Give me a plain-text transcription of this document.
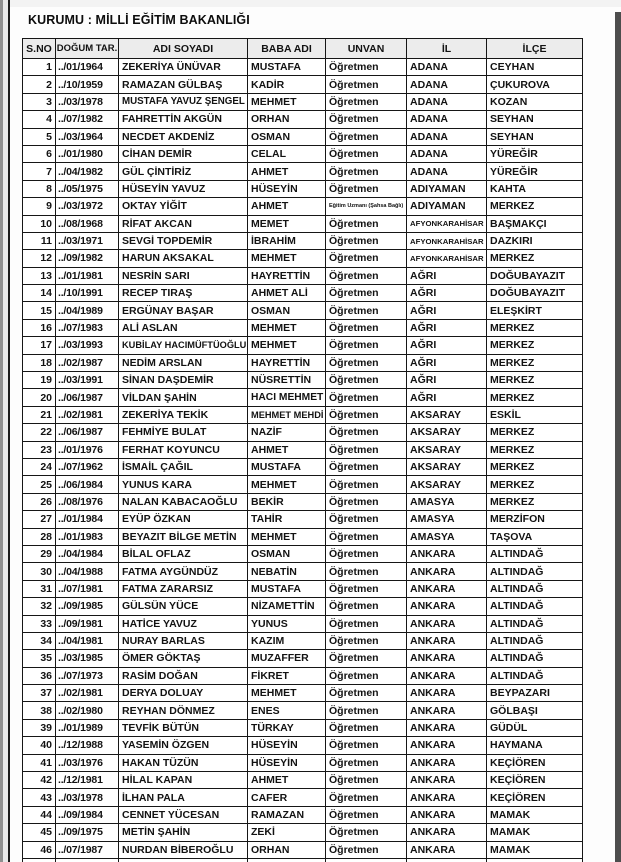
KURUMU : MİLLİ EĞİTİM BAKANLIĞI
S.NO	DOĞUM TAR.	ADI SOYADI	BABA ADI	UNVAN	İL	İLÇE
1	../01/1964	ZEKERİYA ÜNÜVAR	MUSTAFA	Öğretmen	ADANA	CEYHAN
2	../10/1959	RAMAZAN GÜLBAŞ	KADİR	Öğretmen	ADANA	ÇUKUROVA
3	../03/1978	MUSTAFA YAVUZ ŞENGEL	MEHMET	Öğretmen	ADANA	KOZAN
4	../07/1982	FAHRETTİN AKGÜN	ORHAN	Öğretmen	ADANA	SEYHAN
5	../03/1964	NECDET AKDENİZ	OSMAN	Öğretmen	ADANA	SEYHAN
6	../01/1980	CİHAN DEMİR	CELAL	Öğretmen	ADANA	YÜREĞİR
7	../04/1982	GÜL ÇİNTİRİZ	AHMET	Öğretmen	ADANA	YÜREĞİR
8	../05/1975	HÜSEYİN YAVUZ	HÜSEYİN	Öğretmen	ADIYAMAN	KAHTA
9	../03/1972	OKTAY YİĞİT	AHMET	Eğitim Uzmanı (Şahsa Bağlı)	ADIYAMAN	MERKEZ
10	../08/1968	RİFAT AKCAN	MEMET	Öğretmen	AFYONKARAHİSAR	BAŞMAKÇI
11	../03/1971	SEVGİ TOPDEMİR	İBRAHİM	Öğretmen	AFYONKARAHİSAR	DAZKIRI
12	../09/1982	HARUN AKSAKAL	MEHMET	Öğretmen	AFYONKARAHİSAR	MERKEZ
13	../01/1981	NESRİN SARI	HAYRETTİN	Öğretmen	AĞRI	DOĞUBAYAZIT
14	../10/1991	RECEP TIRAŞ	AHMET ALİ	Öğretmen	AĞRI	DOĞUBAYAZIT
15	../04/1989	ERGÜNAY BAŞAR	OSMAN	Öğretmen	AĞRI	ELEŞKİRT
16	../07/1983	ALİ ASLAN	MEHMET	Öğretmen	AĞRI	MERKEZ
17	../03/1993	KUBİLAY HACIMÜFTÜOĞLU	MEHMET	Öğretmen	AĞRI	MERKEZ
18	../02/1987	NEDİM ARSLAN	HAYRETTİN	Öğretmen	AĞRI	MERKEZ
19	../03/1991	SİNAN DAŞDEMİR	NÜSRETTİN	Öğretmen	AĞRI	MERKEZ
20	../06/1987	VİLDAN ŞAHİN	HACI MEHMET	Öğretmen	AĞRI	MERKEZ
21	../02/1981	ZEKERİYA TEKİK	MEHMET MEHDİ	Öğretmen	AKSARAY	ESKİL
22	../06/1987	FEHMİYE BULAT	NAZİF	Öğretmen	AKSARAY	MERKEZ
23	../01/1976	FERHAT KOYUNCU	AHMET	Öğretmen	AKSARAY	MERKEZ
24	../07/1962	İSMAİL ÇAĞIL	MUSTAFA	Öğretmen	AKSARAY	MERKEZ
25	../06/1984	YUNUS KARA	MEHMET	Öğretmen	AKSARAY	MERKEZ
26	../08/1976	NALAN KABACAOĞLU	BEKİR	Öğretmen	AMASYA	MERKEZ
27	../01/1984	EYÜP ÖZKAN	TAHİR	Öğretmen	AMASYA	MERZİFON
28	../01/1983	BEYAZIT BİLGE METİN	MEHMET	Öğretmen	AMASYA	TAŞOVA
29	../04/1984	BİLAL OFLAZ	OSMAN	Öğretmen	ANKARA	ALTINDAĞ
30	../04/1988	FATMA AYGÜNDÜZ	NEBATİN	Öğretmen	ANKARA	ALTINDAĞ
31	../07/1981	FATMA ZARARSIZ	MUSTAFA	Öğretmen	ANKARA	ALTINDAĞ
32	../09/1985	GÜLSÜN YÜCE	NİZAMETTİN	Öğretmen	ANKARA	ALTINDAĞ
33	../09/1981	HATİCE YAVUZ	YUNUS	Öğretmen	ANKARA	ALTINDAĞ
34	../04/1981	NURAY BARLAS	KAZIM	Öğretmen	ANKARA	ALTINDAĞ
35	../03/1985	ÖMER GÖKTAŞ	MUZAFFER	Öğretmen	ANKARA	ALTINDAĞ
36	../07/1973	RASİM DOĞAN	FİKRET	Öğretmen	ANKARA	ALTINDAĞ
37	../02/1981	DERYA DOLUAY	MEHMET	Öğretmen	ANKARA	BEYPAZARI
38	../02/1980	REYHAN DÖNMEZ	ENES	Öğretmen	ANKARA	GÖLBAŞI
39	../01/1989	TEVFİK BÜTÜN	TÜRKAY	Öğretmen	ANKARA	GÜDÜL
40	../12/1988	YASEMİN ÖZGEN	HÜSEYİN	Öğretmen	ANKARA	HAYMANA
41	../03/1976	HAKAN TÜZÜN	HÜSEYİN	Öğretmen	ANKARA	KEÇİÖREN
42	../12/1981	HİLAL KAPAN	AHMET	Öğretmen	ANKARA	KEÇİÖREN
43	../03/1978	İLHAN PALA	CAFER	Öğretmen	ANKARA	KEÇİÖREN
44	../09/1984	CENNET YÜCESAN	RAMAZAN	Öğretmen	ANKARA	MAMAK
45	../09/1975	METİN ŞAHİN	ZEKİ	Öğretmen	ANKARA	MAMAK
46	../07/1987	NURDAN BİBEROĞLU	ORHAN	Öğretmen	ANKARA	MAMAK
